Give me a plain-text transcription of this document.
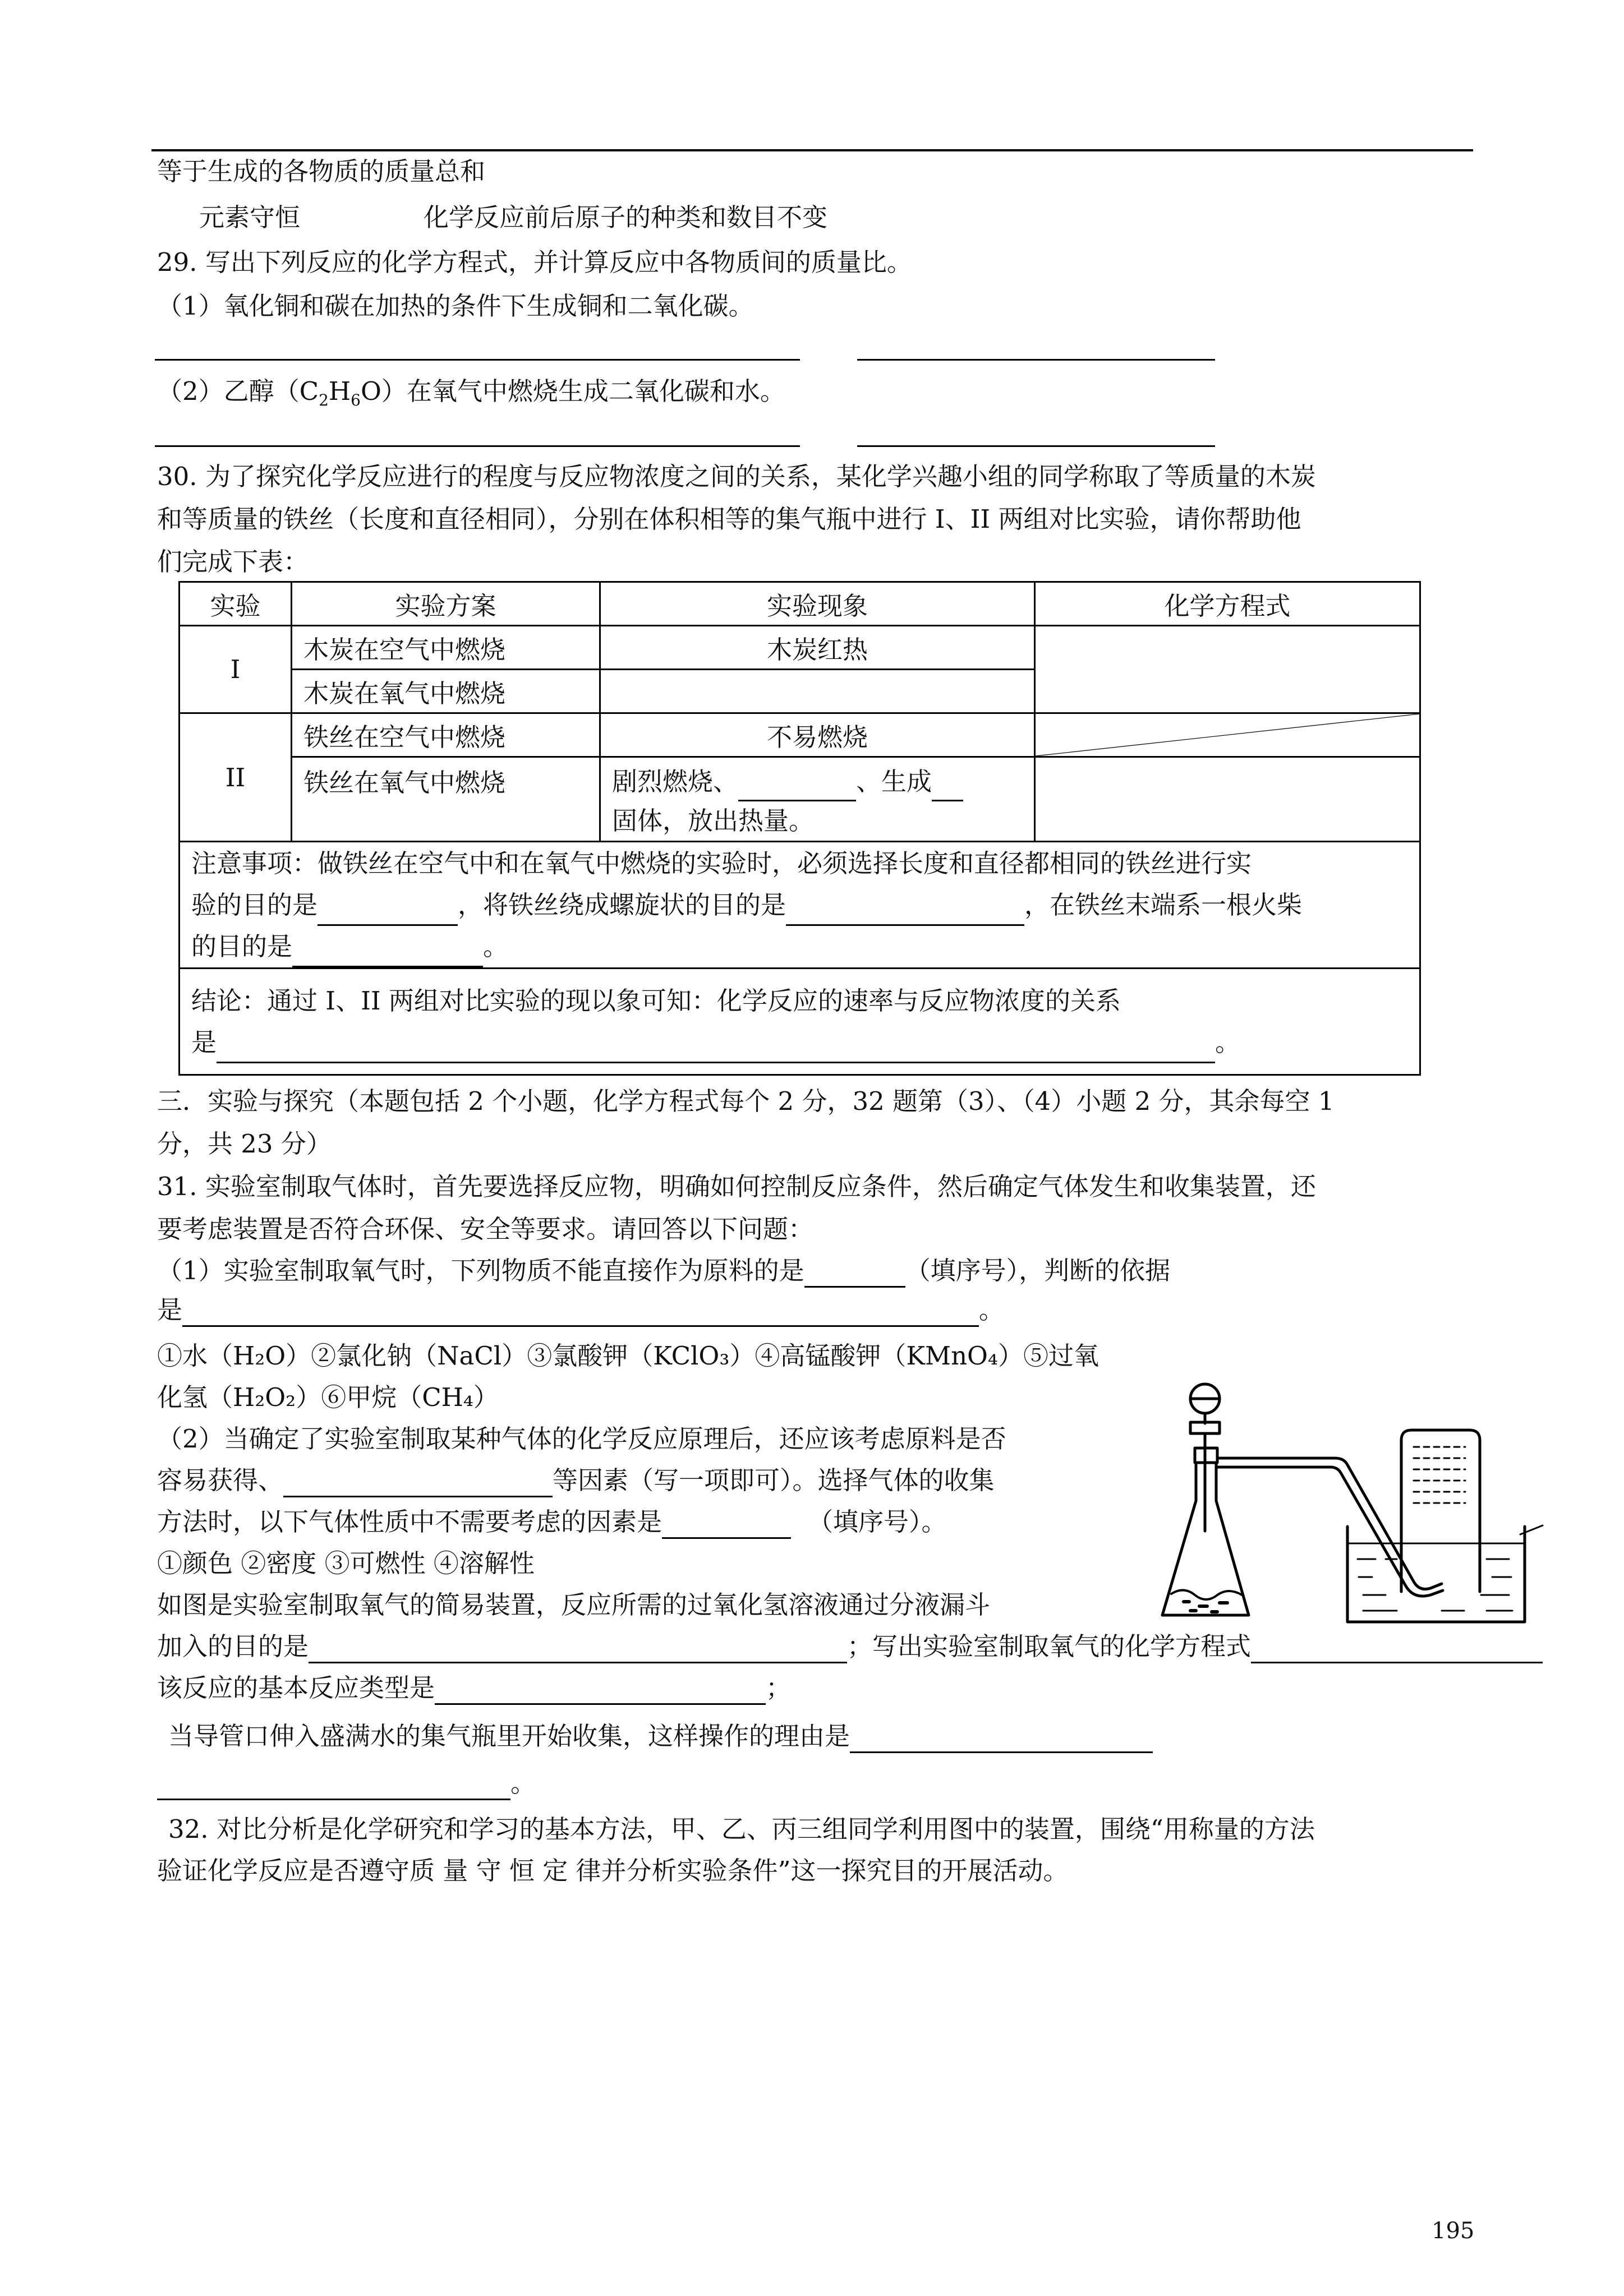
等于生成的各物质的质量总和
元素守恒	化学反应前后原子的种类和数目不变
29. 写出下列反应的化学方程式，并计算反应中各物质间的质量比。
（1）氧化铜和碳在加热的条件下生成铜和二氧化碳。
（2）乙醇$(C_2H_6O)$在氧气中燃烧生成二氧化碳和水。
30. 为了探究化学反应进行的程度与反应物浓度之间的关系，某化学兴趣小组的同学称取了等质量的木炭
和等质量的铁丝（长度和直径相同），分别在体积相等的集气瓶中进行 I、II 两组对比实验，请你帮助他
们完成下表：
实验	实验方案	实验现象	化学方程式
I	木炭在空气中燃烧	木炭红热	
	木炭在氧气中燃烧		
II	铁丝在空气中燃烧	不易燃烧	

	铁丝在氧气中燃烧	剧烈燃烧、 、生成
固体，放出热量。	
注意事项：做铁丝在空气中和在氧气中燃烧的实验时，必须选择长度和直径都相同的铁丝进行实
验的目的是 ，将铁丝绕成螺旋状的目的是 ，在铁丝末端系一根火柴
的目的是 。			
结论：通过 I、II 两组对比实验的现以象可知：化学反应的速率与反应物浓度的关系
是 。			
三．实验与探究（本题包括 2 个小题，化学方程式每个 2 分，32 题第（3）、（4）小题 2 分，其余每空 1
分，共 23 分）
31. 实验室制取气体时，首先要选择反应物，明确如何控制反应条件，然后确定气体发生和收集装置，还
要考虑装置是否符合环保、安全等要求。请回答以下问题：
（1）实验室制取氧气时，下列物质不能直接作为原料的是	（填序号），判断的依据
是	。
①水（H₂O）②氯化钠（NaCl）③氯酸钾（KClO₃）④高锰酸钾（KMnO₄）⑤过氧
化氢（H₂O₂）⑥甲烷（CH₄）
（2）当确定了实验室制取某种气体的化学反应原理后，还应该考虑原料是否
容易获得、	等因素（写一项即可）。选择气体的收集
方法时，以下气体性质中不需要考虑的因素是	（填序号）。
①颜色 ②密度 ③可燃性 ④溶解性
如图是实验室制取氧气的简易装置，反应所需的过氧化氢溶液通过分液漏斗
加入的目的是	；写出实验室制取氧气的化学方程式
该反应的基本反应类型是	；
当导管口伸入盛满水的集气瓶里开始收集，这样操作的理由是
。
32. 对比分析是化学研究和学习的基本方法，甲、乙、丙三组同学利用图中的装置，围绕“用称量的方法
验证化学反应是否遵守质 量 守 恒 定 律并分析实验条件”这一探究目的开展活动。
195
